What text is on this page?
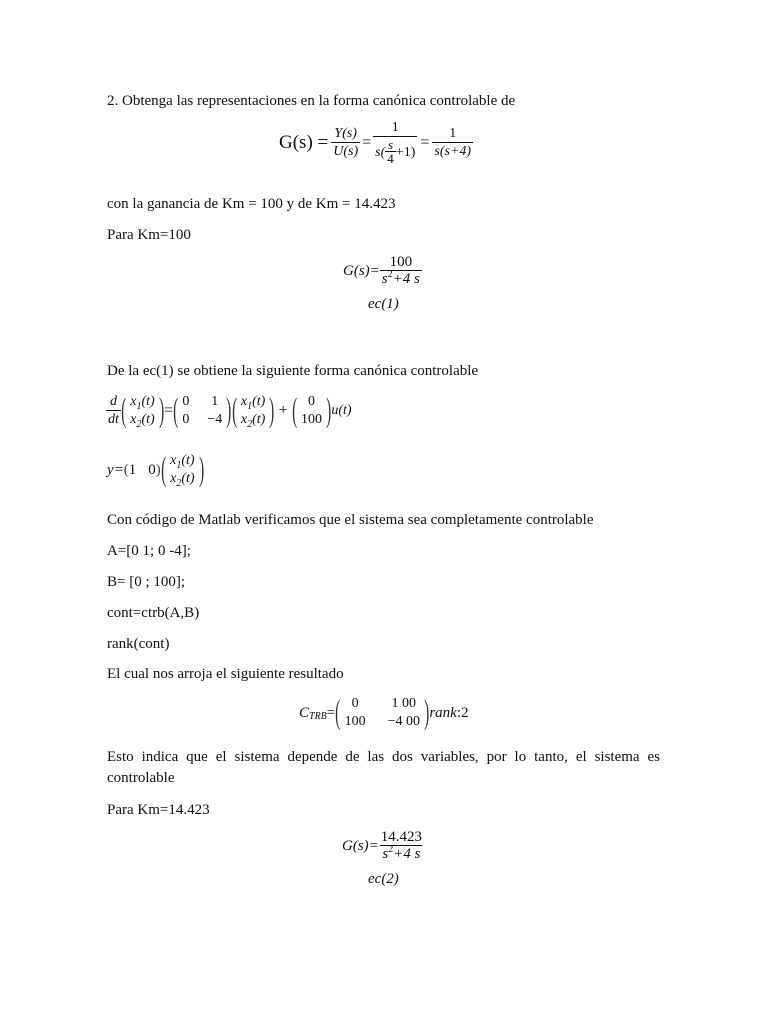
2. Obtenga las representaciones en la forma canónica controlable de
con la ganancia de Km = 100 y de Km = 14.423
Para Km=100
De la ec(1) se obtiene la siguiente forma canónica controlable
Con código de Matlab verificamos que el sistema sea completamente controlable
A=[0 1; 0 -4];
B= [0 ; 100];
cont=ctrb(A,B)
rank(cont)
El cual nos arroja el siguiente resultado
Esto indica que el sistema depende de las dos variables, por lo tanto, el sistema es controlable
Para Km=14.423
$G(s) = \frac{Y(s)}{U(s)} = \frac{1}{s( \frac{s}{4} +1)} = \frac{1}{s(s+4)}$
$G(s)= \frac{100}{s^2+4 s}$
ec(1)
$\frac{d}{dt}$ ( $x_1(t)$
$x_2(t)$ ) = ( 0	1
0	−4 ) ( $x_1(t)$
$x_2(t)$ ) + ( 0
100 ) u(t)
y= ( 1 0 ) ( $x_1(t)$
$x_2(t)$ )
C TRB = ( 0	1 00
100	−4 00 ) rank :2
$G(s)= \frac{14.423}{s^2+4 s}$
ec(2)
